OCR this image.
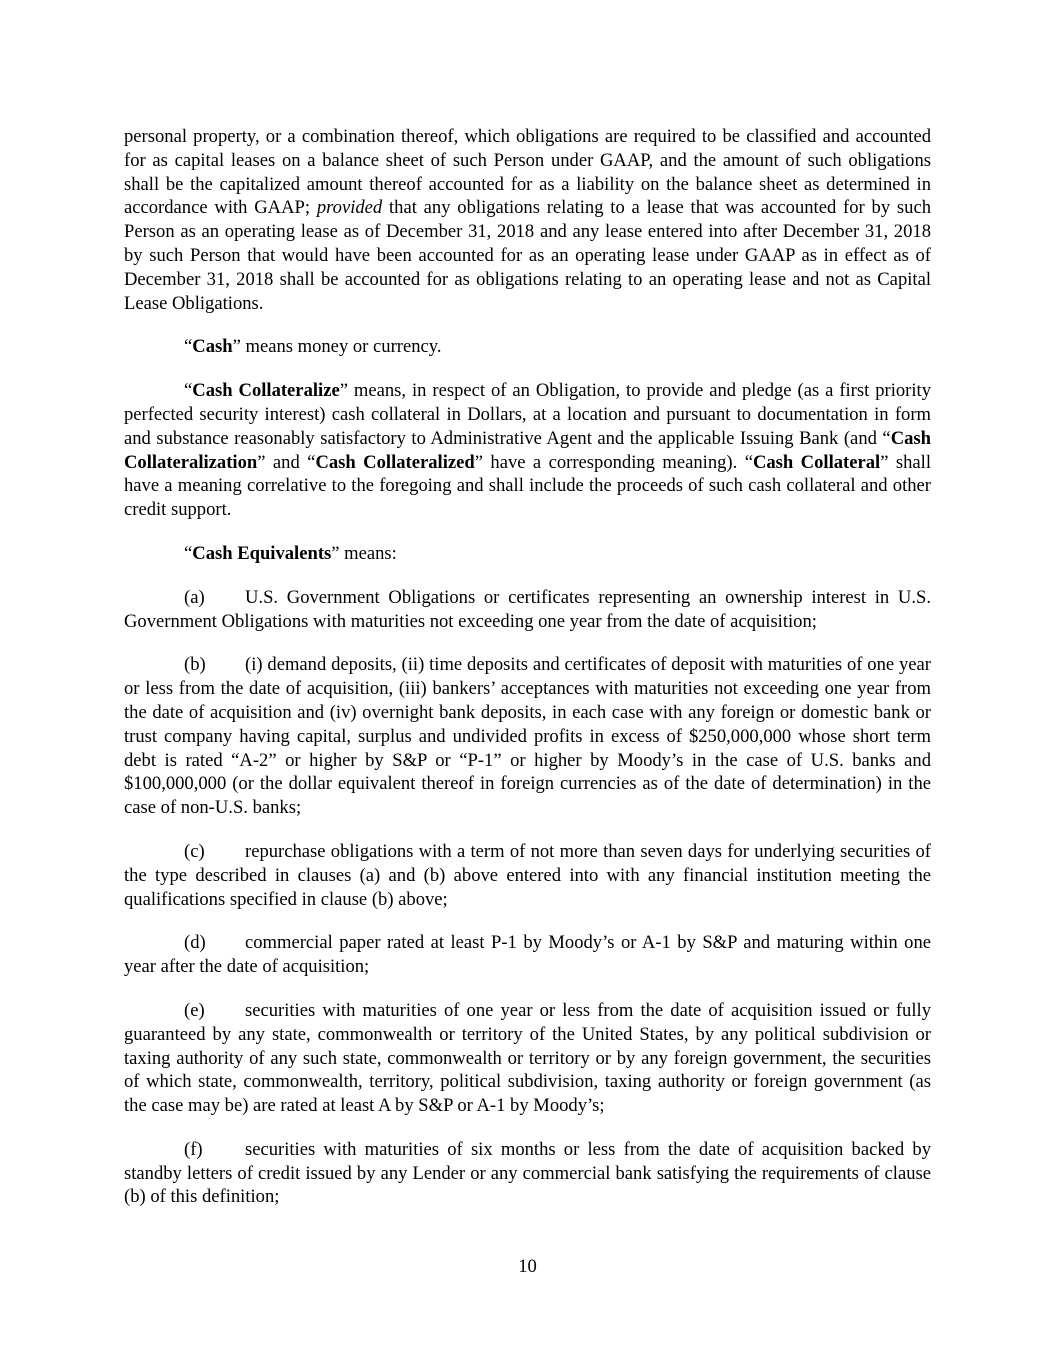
personal property, or a combination thereof, which obligations are required to be classified and accounted for as capital leases on a balance sheet of such Person under GAAP, and the amount of such obligations shall be the capitalized amount thereof accounted for as a liability on the balance sheet as determined in accordance with GAAP; provided that any obligations relating to a lease that was accounted for by such Person as an operating lease as of December 31, 2018 and any lease entered into after December 31, 2018 by such Person that would have been accounted for as an operating lease under GAAP as in effect as of December 31, 2018 shall be accounted for as obligations relating to an operating lease and not as Capital Lease Obligations.

“Cash” means money or currency.

“Cash Collateralize” means, in respect of an Obligation, to provide and pledge (as a first priority perfected security interest) cash collateral in Dollars, at a location and pursuant to documentation in form and substance reasonably satisfactory to Administrative Agent and the applicable Issuing Bank (and “Cash Collateralization” and “Cash Collateralized” have a corresponding meaning). “Cash Collateral” shall have a meaning correlative to the foregoing and shall include the proceeds of such cash collateral and other credit support.

“Cash Equivalents” means:

(a) U.S. Government Obligations or certificates representing an ownership interest in U.S. Government Obligations with maturities not exceeding one year from the date of acquisition;

(b) (i) demand deposits, (ii) time deposits and certificates of deposit with maturities of one year or less from the date of acquisition, (iii) bankers’ acceptances with maturities not exceeding one year from the date of acquisition and (iv) overnight bank deposits, in each case with any foreign or domestic bank or trust company having capital, surplus and undivided profits in excess of $250,000,000 whose short term debt is rated “A-2” or higher by S&P or “P-1” or higher by Moody’s in the case of U.S. banks and $100,000,000 (or the dollar equivalent thereof in foreign currencies as of the date of determination) in the case of non-U.S. banks;

(c) repurchase obligations with a term of not more than seven days for underlying securities of the type described in clauses (a) and (b) above entered into with any financial institution meeting the qualifications specified in clause (b) above;

(d) commercial paper rated at least P-1 by Moody’s or A-1 by S&P and maturing within one year after the date of acquisition;

(e) securities with maturities of one year or less from the date of acquisition issued or fully guaranteed by any state, commonwealth or territory of the United States, by any political subdivision or taxing authority of any such state, commonwealth or territory or by any foreign government, the securities of which state, commonwealth, territory, political subdivision, taxing authority or foreign government (as the case may be) are rated at least A by S&P or A-1 by Moody’s;

(f) securities with maturities of six months or less from the date of acquisition backed by standby letters of credit issued by any Lender or any commercial bank satisfying the requirements of clause (b) of this definition;

10
